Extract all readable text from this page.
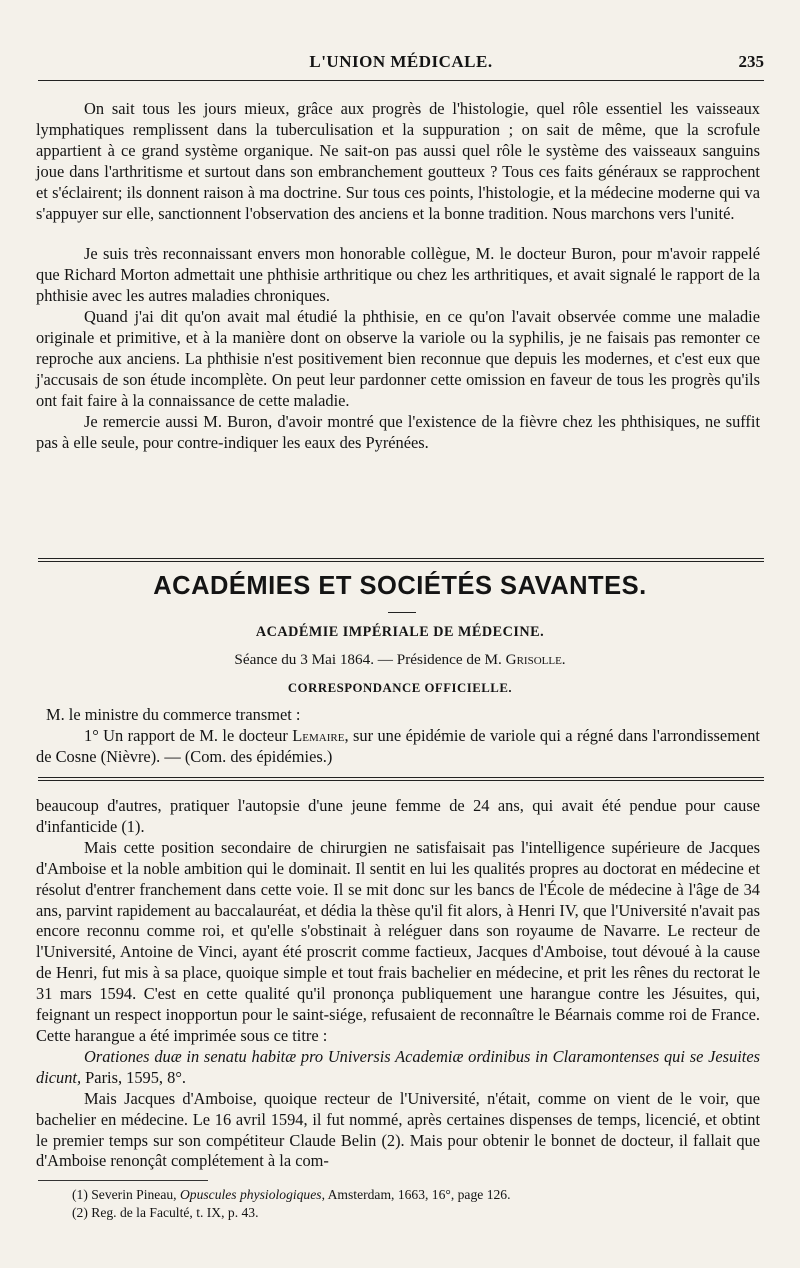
L'UNION MÉDICALE.	235

On sait tous les jours mieux, grâce aux progrès de l'histologie, quel rôle essentiel les vaisseaux lymphatiques remplissent dans la tuberculisation et la suppuration ; on sait de même, que la scrofule appartient à ce grand système organique. Ne sait-on pas aussi quel rôle le système des vaisseaux sanguins joue dans l'arthritisme et surtout dans son embranchement goutteux ? Tous ces faits généraux se rapprochent et s'éclairent; ils donnent raison à ma doctrine. Sur tous ces points, l'histologie, et la médecine moderne qui va s'appuyer sur elle, sanctionnent l'observation des anciens et la bonne tradition. Nous marchons vers l'unité.

Je suis très reconnaissant envers mon honorable collègue, M. le docteur Buron, pour m'avoir rappelé que Richard Morton admettait une phthisie arthritique ou chez les arthritiques, et avait signalé le rapport de la phthisie avec les autres maladies chroniques.

Quand j'ai dit qu'on avait mal étudié la phthisie, en ce qu'on l'avait observée comme une maladie originale et primitive, et à la manière dont on observe la variole ou la syphilis, je ne faisais pas remonter ce reproche aux anciens. La phthisie n'est positivement bien reconnue que depuis les modernes, et c'est eux que j'accusais de son étude incomplète. On peut leur pardonner cette omission en faveur de tous les progrès qu'ils ont fait faire à la connaissance de cette maladie.

Je remercie aussi M. Buron, d'avoir montré que l'existence de la fièvre chez les phthisiques, ne suffit pas à elle seule, pour contre-indiquer les eaux des Pyrénées.

ACADÉMIES ET SOCIÉTÉS SAVANTES.
ACADÉMIE IMPÉRIALE DE MÉDECINE.
Séance du 3 Mai 1864. — Présidence de M. Grisolle.
CORRESPONDANCE OFFICIELLE.

M. le ministre du commerce transmet :

1° Un rapport de M. le docteur Lemaire, sur une épidémie de variole qui a régné dans l'arrondissement de Cosne (Nièvre). — (Com. des épidémies.)

beaucoup d'autres, pratiquer l'autopsie d'une jeune femme de 24 ans, qui avait été pendue pour cause d'infanticide (1).

Mais cette position secondaire de chirurgien ne satisfaisait pas l'intelligence supérieure de Jacques d'Amboise et la noble ambition qui le dominait. Il sentit en lui les qualités propres au doctorat en médecine et résolut d'entrer franchement dans cette voie. Il se mit donc sur les bancs de l'École de médecine à l'âge de 34 ans, parvint rapidement au baccalauréat, et dédia la thèse qu'il fit alors, à Henri IV, que l'Université n'avait pas encore reconnu comme roi, et qu'elle s'obstinait à reléguer dans son royaume de Navarre. Le recteur de l'Université, Antoine de Vinci, ayant été proscrit comme factieux, Jacques d'Amboise, tout dévoué à la cause de Henri, fut mis à sa place, quoique simple et tout frais bachelier en médecine, et prit les rênes du rectorat le 31 mars 1594. C'est en cette qualité qu'il prononça publiquement une harangue contre les Jésuites, qui, feignant un respect inopportun pour le saint-siége, refusaient de reconnaître le Béarnais comme roi de France. Cette harangue a été imprimée sous ce titre :

Orationes duæ in senatu habitæ pro Universis Academiæ ordinibus in Claramontenses qui se Jesuites dicunt, Paris, 1595, 8°.

Mais Jacques d'Amboise, quoique recteur de l'Université, n'était, comme on vient de le voir, que bachelier en médecine. Le 16 avril 1594, il fut nommé, après certaines dispenses de temps, licencié, et obtint le premier temps sur son compétiteur Claude Belin (2). Mais pour obtenir le bonnet de docteur, il fallait que d'Amboise renonçât complétement à la com-

(1) Severin Pineau, Opuscules physiologiques, Amsterdam, 1663, 16°, page 126.

(2) Reg. de la Faculté, t. IX, p. 43.
